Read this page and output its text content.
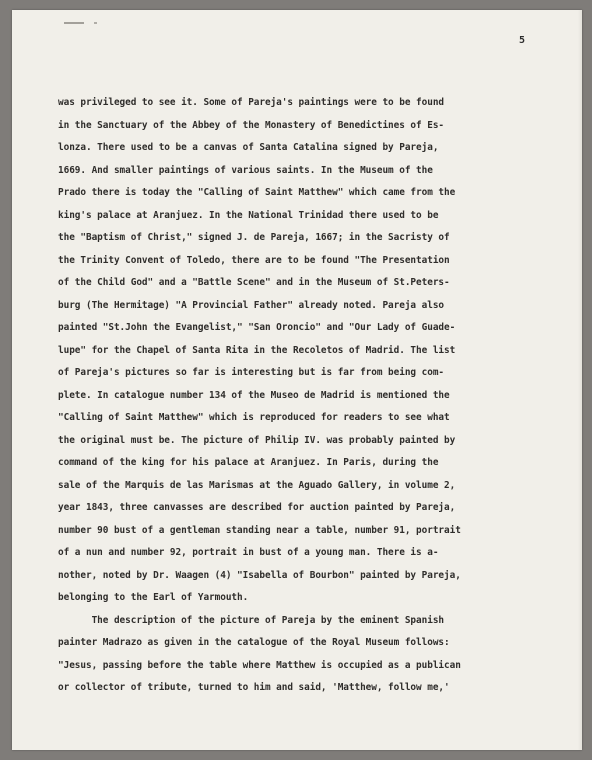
5
was privileged to see it. Some of Pareja's paintings were to be found
in the Sanctuary of the Abbey of the Monastery of Benedictines of Es-
lonza. There used to be a canvas of Santa Catalina signed by Pareja,
1669. And smaller paintings of various saints. In the Museum of the
Prado there is today the "Calling of Saint Matthew" which came from the
king's palace at Aranjuez. In the National Trinidad there used to be
the "Baptism of Christ," signed J. de Pareja, 1667; in the Sacristy of
the Trinity Convent of Toledo, there are to be found "The Presentation
of the Child God" and a "Battle Scene" and in the Museum of St.Peters-
burg (The Hermitage) "A Provincial Father" already noted. Pareja also
painted "St.John the Evangelist," "San Oroncio" and "Our Lady of Guade-
lupe" for the Chapel of Santa Rita in the Recoletos of Madrid. The list
of Pareja's pictures so far is interesting but is far from being com-
plete. In catalogue number 134 of the Museo de Madrid is mentioned the
"Calling of Saint Matthew" which is reproduced for readers to see what
the original must be. The picture of Philip IV. was probably painted by
command of the king for his palace at Aranjuez. In Paris, during the
sale of the Marquis de las Marismas at the Aguado Gallery, in volume 2,
year 1843, three canvasses are described for auction painted by Pareja,
number 90 bust of a gentleman standing near a table, number 91, portrait
of a nun and number 92, portrait in bust of a young man. There is a-
nother, noted by Dr. Waagen (4) "Isabella of Bourbon" painted by Pareja,
belonging to the Earl of Yarmouth.
The description of the picture of Pareja by the eminent Spanish
painter Madrazo as given in the catalogue of the Royal Museum follows:
"Jesus, passing before the table where Matthew is occupied as a publican
or collector of tribute, turned to him and said, 'Matthew, follow me,'
